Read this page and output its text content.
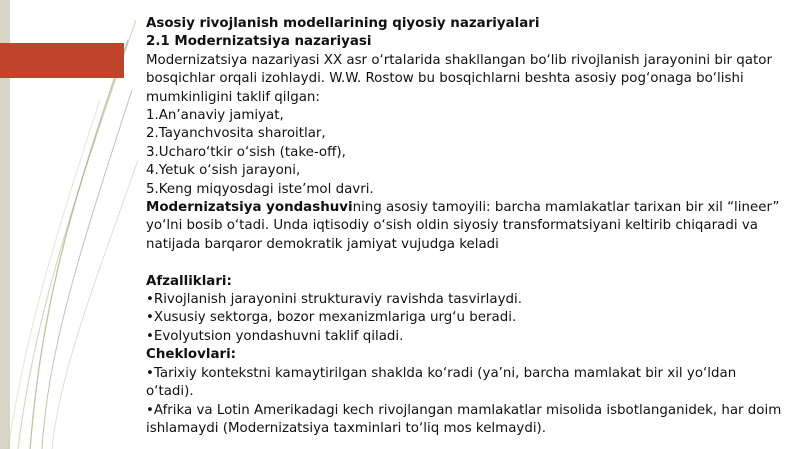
Asosiy rivojlanish modellarining qiyosiy nazariyalari
2.1 Modernizatsiya nazariyasi
Modernizatsiya nazariyasi XX asr o‘rtalarida shakllangan bo‘lib rivojlanish jarayonini bir qator bosqichlar orqali izohlaydi. W.W. Rostow bu bosqichlarni beshta asosiy pog‘onaga bo‘lishi mumkinligini taklif qilgan:
1.An’anaviy jamiyat,
2.Tayanchvosita sharoitlar,
3.Ucharo‘tkir o‘sish (take-off),
4.Yetuk o‘sish jarayoni,
5.Keng miqyosdagi iste’mol davri.
Modernizatsiya yondashuvining asosiy tamoyili: barcha mamlakatlar tarixan bir xil “lineer” yo‘lni bosib o‘tadi. Unda iqtisodiy o‘sish oldin siyosiy transformatsiyani keltirib chiqaradi va natijada barqaror demokratik jamiyat vujudga keladi
Afzalliklari:
•Rivojlanish jarayonini strukturaviy ravishda tasvirlaydi.
•Xususiy sektorga, bozor mexanizmlariga urg‘u beradi.
•Evolyutsion yondashuvni taklif qiladi.
Cheklovlari:
•Tarixiy kontekstni kamaytirilgan shaklda ko‘radi (ya’ni, barcha mamlakat bir xil yo‘ldan o‘tadi).
•Afrika va Lotin Amerikadagi kech rivojlangan mamlakatlar misolida isbotlanganidek, har doim ishlamaydi (Modernizatsiya taxminlari to‘liq mos kelmaydi).
